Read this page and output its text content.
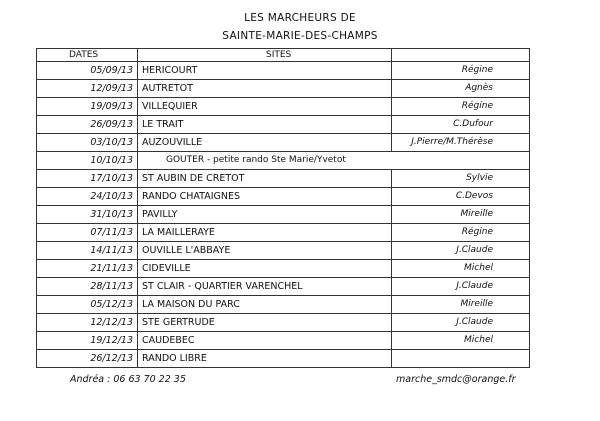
LES MARCHEURS DE
SAINTE-MARIE-DES-CHAMPS
DATES	SITES	
05/09/13	HERICOURT	Régine
12/09/13	AUTRETOT	Agnès
19/09/13	VILLEQUIER	Régine
26/09/13	LE TRAIT	C.Dufour
03/10/13	AUZOUVILLE	J.Pierre/M.Thérèse
10/10/13	GOUTER - petite rando Ste Marie/Yvetot	
17/10/13	ST AUBIN DE CRETOT	Sylvie
24/10/13	RANDO CHATAIGNES	C.Devos
31/10/13	PAVILLY	Mireille
07/11/13	LA MAILLERAYE	Régine
14/11/13	OUVILLE L'ABBAYE	J.Claude
21/11/13	CIDEVILLE	Michel
28/11/13	ST CLAIR - QUARTIER VARENCHEL	J.Claude
05/12/13	LA MAISON DU PARC	Mireille
12/12/13	STE GERTRUDE	J.Claude
19/12/13	CAUDEBEC	Michel
26/12/13	RANDO LIBRE	
Andréa : 06 63 70 22 35	marche_smdc@orange.fr
